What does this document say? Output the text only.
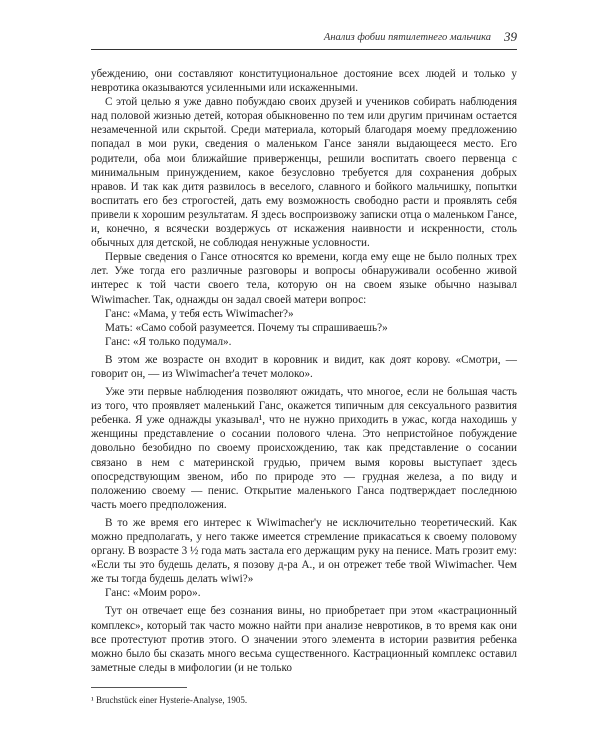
Анализ фобии пятилетнего мальчика 39

убеждению, они составляют конституциональное достояние всех людей и только у невротика оказываются усиленными или искаженными.

С этой целью я уже давно побуждаю своих друзей и учеников собирать наблюдения над половой жизнью детей, которая обыкновенно по тем или другим причинам остается незамеченной или скрытой. Среди материала, который благодаря моему предложению попадал в мои руки, сведения о маленьком Гансе заняли выдающееся место. Его родители, оба мои ближайшие приверженцы, решили воспитать своего первенца с минимальным принуждением, какое безусловно требуется для сохранения добрых нравов. И так как дитя развилось в веселого, славного и бойкого мальчишку, попытки воспитать его без строгостей, дать ему возможность свободно расти и проявлять себя привели к хорошим результатам. Я здесь воспроизвожу записки отца о маленьком Гансе, и, конечно, я всячески воздержусь от искажения наивности и искренности, столь обычных для детской, не соблюдая ненужные условности.

Первые сведения о Гансе относятся ко времени, когда ему еще не было полных трех лет. Уже тогда его различные разговоры и вопросы обнаруживали особенно живой интерес к той части своего тела, которую он на своем языке обычно называл Wiwimacher. Так, однажды он задал своей матери вопрос:

Ганс: «Мама, у тебя есть Wiwimacher?»

Мать: «Само собой разумеется. Почему ты спрашиваешь?»

Ганс: «Я только подумал».

В этом же возрасте он входит в коровник и видит, как доят корову. «Смотри, — говорит он, — из Wiwimacher'а течет молоко».

Уже эти первые наблюдения позволяют ожидать, что многое, если не большая часть из того, что проявляет маленький Ганс, окажется типичным для сексуального развития ребенка. Я уже однажды указывал¹, что не нужно приходить в ужас, когда находишь у женщины представление о сосании полового члена. Это непристойное побуждение довольно безобидно по своему происхождению, так как представление о сосании связано в нем с материнской грудью, причем вымя коровы выступает здесь опосредствующим звеном, ибо по природе это — грудная железа, а по виду и положению своему — пенис. Открытие маленького Ганса подтверждает последнюю часть моего предположения.

В то же время его интерес к Wiwimacher'у не исключительно теоретический. Как можно предполагать, у него также имеется стремление прикасаться к своему половому органу. В возрасте 3 ½ года мать застала его держащим руку на пенисе. Мать грозит ему: «Если ты это будешь делать, я позову д-ра А., и он отрежет тебе твой Wiwimacher. Чем же ты тогда будешь делать wiwi?»

Ганс: «Моим popo».

Тут он отвечает еще без сознания вины, но приобретает при этом «кастрационный комплекс», который так часто можно найти при анализе невротиков, в то время как они все протестуют против этого. О значении этого элемента в истории развития ребенка можно было бы сказать много весьма существенного. Кастрационный комплекс оставил заметные следы в мифологии (и не только

¹ Bruchstück einer Hysterie-Analyse, 1905.
